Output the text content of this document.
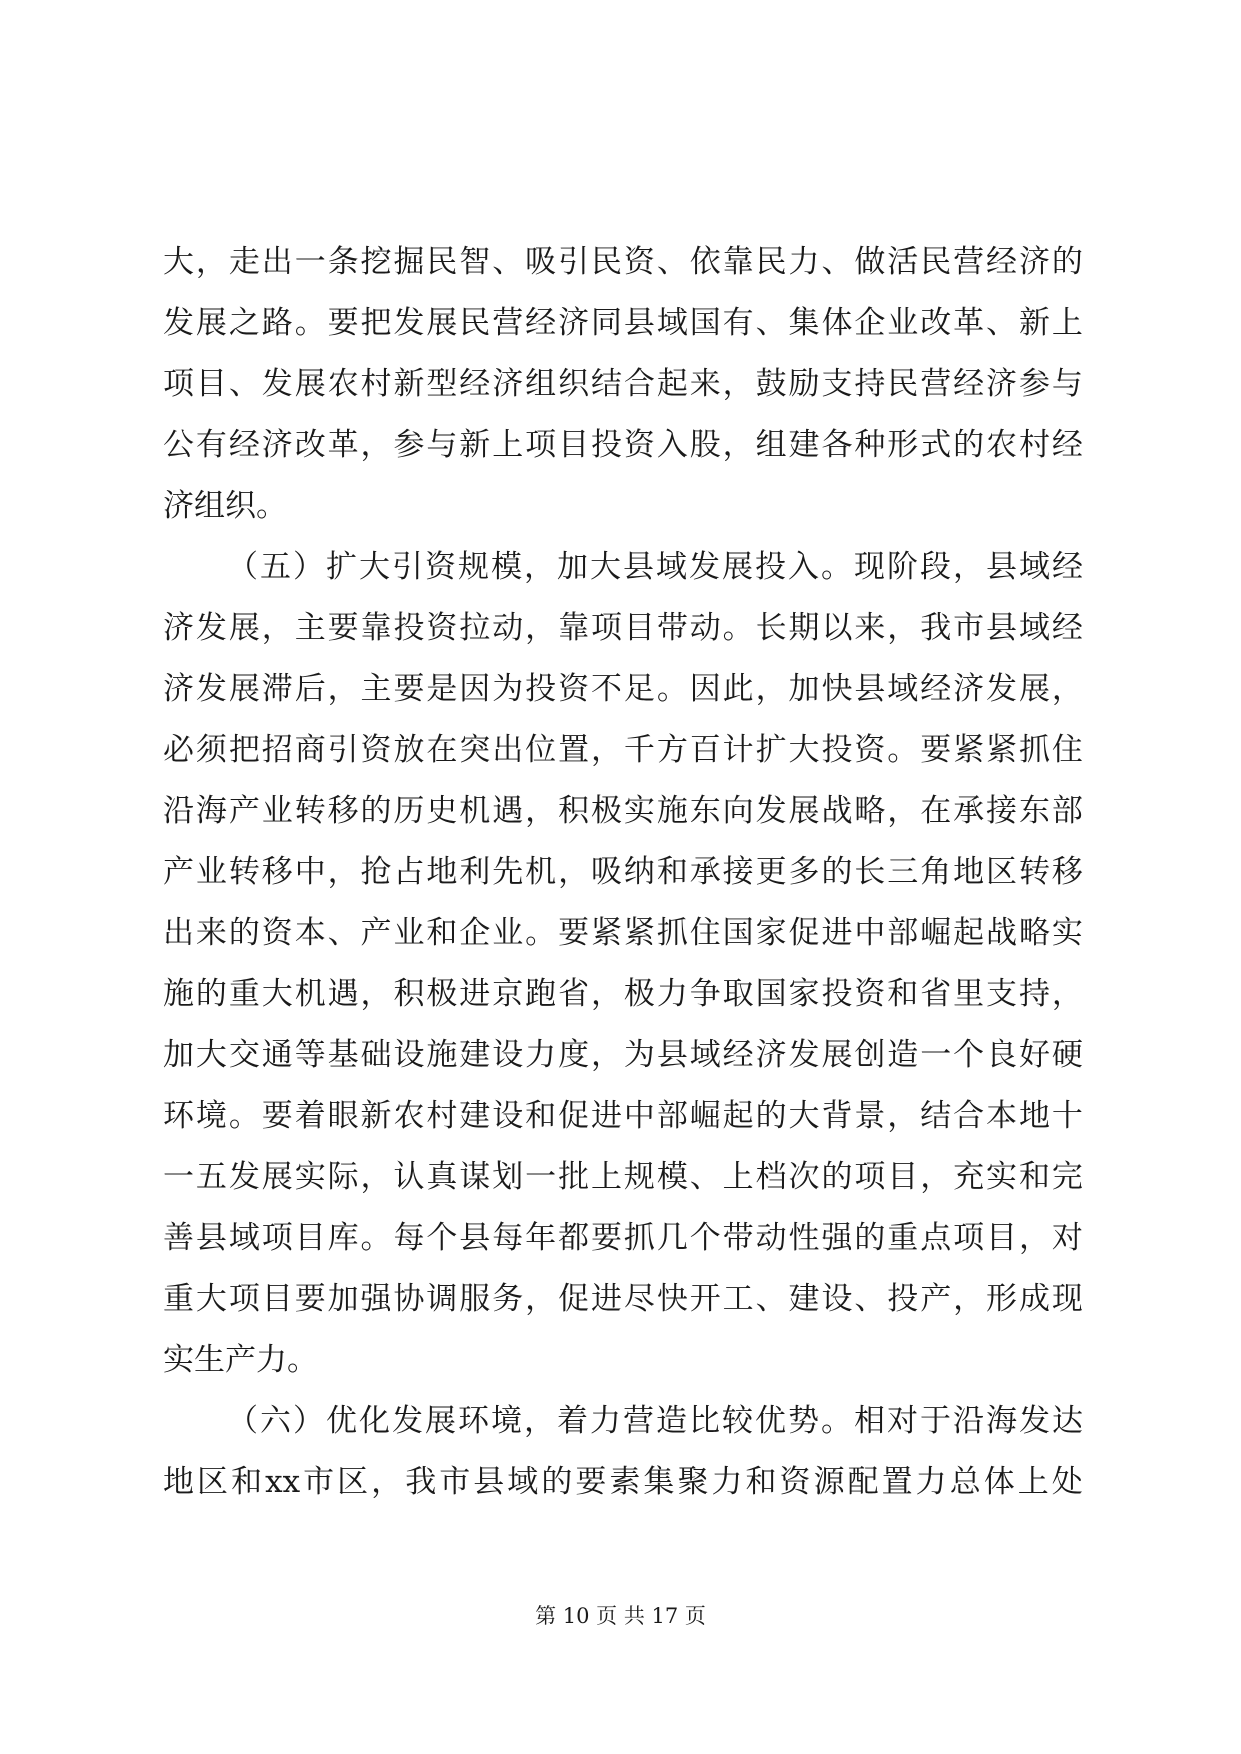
大 ， 走 出 一 条 挖 掘 民 智 、 吸 引 民 资 、 依 靠 民 力 、 做 活 民 营 经 济 的
发 展 之 路 。 要 把 发 展 民 营 经 济 同 县 域 国 有 、 集 体 企 业 改 革 、 新 上
项 目 、 发 展 农 村 新 型 经 济 组 织 结 合 起 来 ， 鼓 励 支 持 民 营 经 济 参 与
公 有 经 济 改 革 ， 参 与 新 上 项 目 投 资 入 股 ， 组 建 各 种 形 式 的 农 村 经
济组织。

（ 五 ） 扩 大 引 资 规 模 ， 加 大 县 域 发 展 投 入 。 现 阶 段 ， 县 域 经
济 发 展 ， 主 要 靠 投 资 拉 动 ， 靠 项 目 带 动 。 长 期 以 来 ， 我 市 县 域 经
济 发 展 滞 后 ， 主 要 是 因 为 投 资 不 足 。 因 此 ， 加 快 县 域 经 济 发 展 ，
必 须 把 招 商 引 资 放 在 突 出 位 置 ， 千 方 百 计 扩 大 投 资 。 要 紧 紧 抓 住
沿 海 产 业 转 移 的 历 史 机 遇 ， 积 极 实 施 东 向 发 展 战 略 ， 在 承 接 东 部
产 业 转 移 中 ， 抢 占 地 利 先 机 ， 吸 纳 和 承 接 更 多 的 长 三 角 地 区 转 移
出 来 的 资 本 、 产 业 和 企 业 。 要 紧 紧 抓 住 国 家 促 进 中 部 崛 起 战 略 实
施 的 重 大 机 遇 ， 积 极 进 京 跑 省 ， 极 力 争 取 国 家 投 资 和 省 里 支 持 ，
加 大 交 通 等 基 础 设 施 建 设 力 度 ， 为 县 域 经 济 发 展 创 造 一 个 良 好 硬
环 境 。 要 着 眼 新 农 村 建 设 和 促 进 中 部 崛 起 的 大 背 景 ， 结 合 本 地 十
一 五 发 展 实 际 ， 认 真 谋 划 一 批 上 规 模 、 上 档 次 的 项 目 ， 充 实 和 完
善 县 域 项 目 库 。 每 个 县 每 年 都 要 抓 几 个 带 动 性 强 的 重 点 项 目 ， 对
重 大 项 目 要 加 强 协 调 服 务 ， 促 进 尽 快 开 工 、 建 设 、 投 产 ， 形 成 现
实生产力。

（ 六 ） 优 化 发 展 环 境 ， 着 力 营 造 比 较 优 势 。 相 对 于 沿 海 发 达
地 区 和 xx 市 区 ， 我 市 县 域 的 要 素 集 聚 力 和 资 源 配 置 力 总 体 上 处
第 10 页 共 17 页
